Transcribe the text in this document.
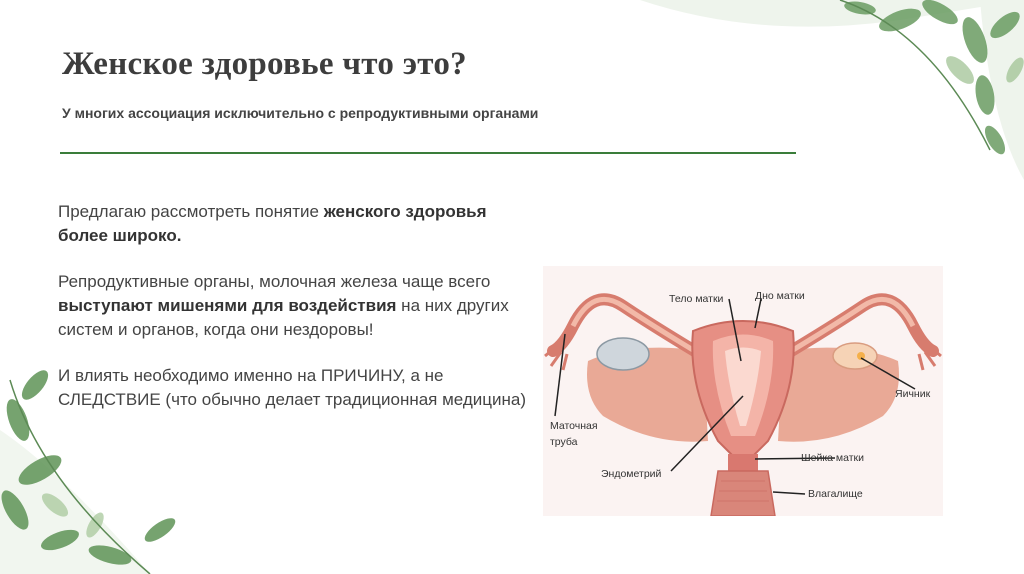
Женское здоровье что это?
У многих ассоциация исключительно с репродуктивными органами

Предлагаю рассмотреть понятие женского здоровья более широко.

Репродуктивные органы, молочная железа чаще всего выступают мишенями для воздействия на них других систем и органов, когда они нездоровы!

И влиять необходимо именно на ПРИЧИНУ, а не СЛЕДСТВИЕ (что обычно делает традиционная медицина)

Тело матки	Дно матки
Яичник
Маточная
труба
Эндометрий
Шейка матки
Влагалище
